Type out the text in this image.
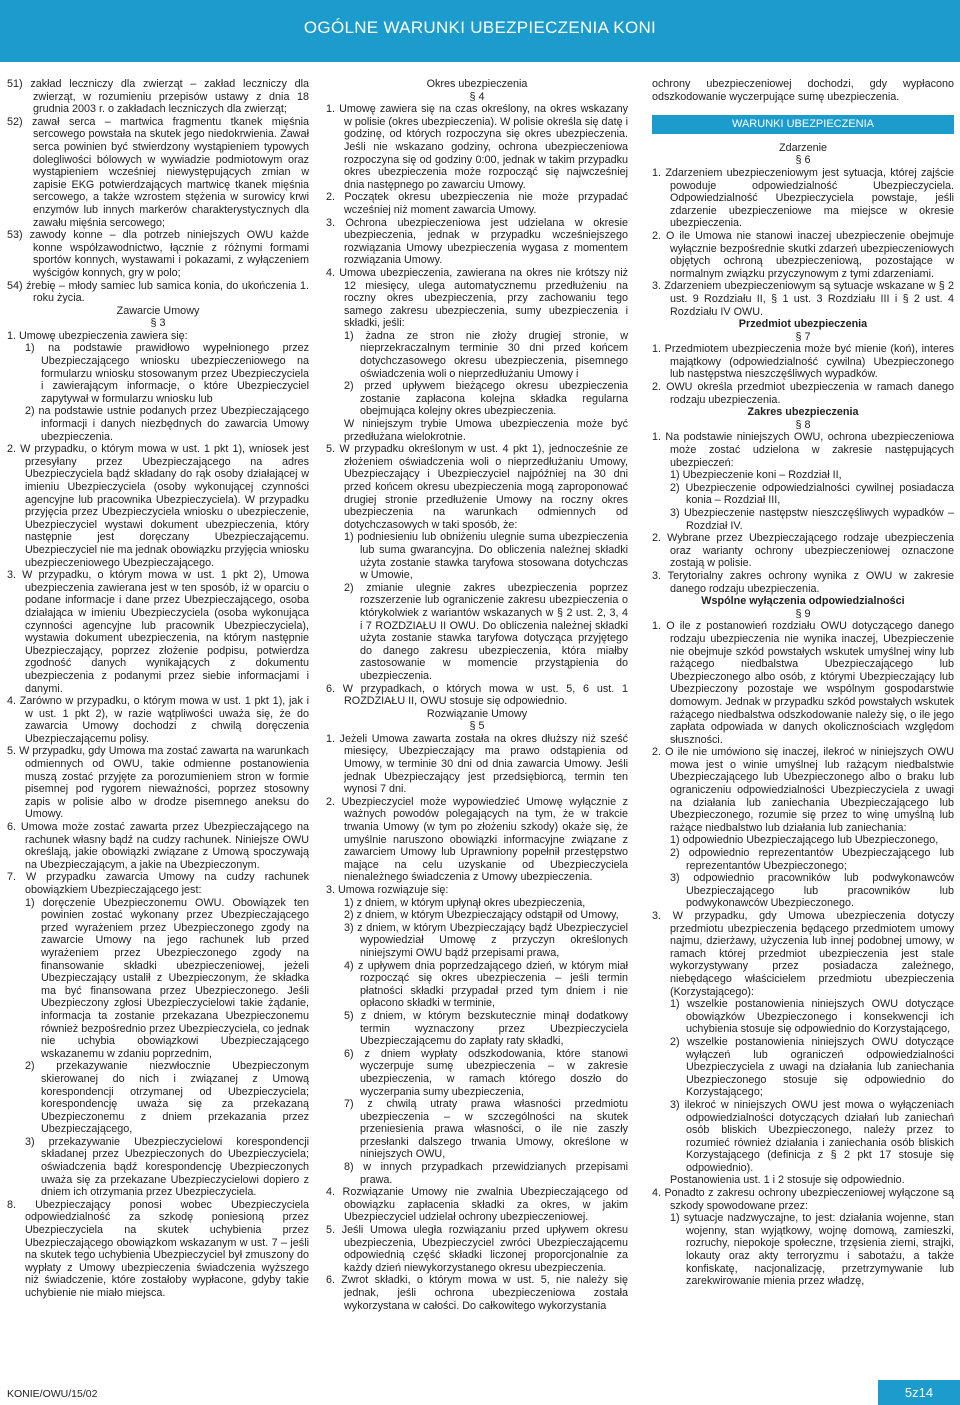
OGÓLNE WARUNKI UBEZPIECZENIA KONI

51) zakład leczniczy dla zwierząt – zakład leczniczy dla zwierząt, w rozumieniu przepisów ustawy z dnia 18 grudnia 2003 r. o zakładach leczniczych dla zwierząt;

52) zawał serca – martwica fragmentu tkanek mięśnia sercowego powstała na skutek jego niedokrwienia. Zawał serca powinien być stwierdzony wystąpieniem typowych dolegliwości bólowych w wywiadzie podmiotowym oraz wystąpieniem wcześniej niewystępujących zmian w zapisie EKG potwierdzających martwicę tkanek mięśnia sercowego, a także wzrostem stężenia w surowicy krwi enzymów lub innych markerów charakterystycznych dla zawału mięśnia sercowego;

53) zawody konne – dla potrzeb niniejszych OWU każde konne współzawodnictwo, łącznie z różnymi formami sportów konnych, wystawami i pokazami, z wyłączeniem wyścigów konnych, gry w polo;

54) źrebię – młody samiec lub samica konia, do ukończenia 1. roku życia.

Zawarcie Umowy

§ 3

1. Umowę ubezpieczenia zawiera się:

1) na podstawie prawidłowo wypełnionego przez Ubezpieczającego wniosku ubezpieczeniowego na formularzu wniosku stosowanym przez Ubezpieczyciela i zawierającym informacje, o które Ubezpieczyciel zapytywał w formularzu wniosku lub

2) na podstawie ustnie podanych przez Ubezpieczającego informacji i danych niezbędnych do zawarcia Umowy ubezpieczenia.

2. W przypadku, o którym mowa w ust. 1 pkt 1), wniosek jest przesyłany przez Ubezpieczającego na adres Ubezpieczyciela bądź składany do rąk osoby działającej w imieniu Ubezpieczyciela (osoby wykonującej czynności agencyjne lub pracownika Ubezpieczyciela). W przypadku przyjęcia przez Ubezpieczyciela wniosku o ubezpieczenie, Ubezpieczyciel wystawi dokument ubezpieczenia, który następnie jest doręczany Ubezpieczającemu. Ubezpieczyciel nie ma jednak obowiązku przyjęcia wniosku ubezpieczeniowego Ubezpieczającego.

3. W przypadku, o którym mowa w ust. 1 pkt 2), Umowa ubezpieczenia zawierana jest w ten sposób, iż w oparciu o podane informacje i dane przez Ubezpieczającego, osoba działająca w imieniu Ubezpieczyciela (osoba wykonująca czynności agencyjne lub pracownik Ubezpieczyciela), wystawia dokument ubezpieczenia, na którym następnie Ubezpieczający, poprzez złożenie podpisu, potwierdza zgodność danych wynikających z dokumentu ubezpieczenia z podanymi przez siebie informacjami i danymi.

4. Zarówno w przypadku, o którym mowa w ust. 1 pkt 1), jak i w ust. 1 pkt 2), w razie wątpliwości uważa się, że do zawarcia Umowy dochodzi z chwilą doręczenia Ubezpieczającemu polisy.

5. W przypadku, gdy Umowa ma zostać zawarta na warunkach odmiennych od OWU, takie odmienne postanowienia muszą zostać przyjęte za porozumieniem stron w formie pisemnej pod rygorem nieważności, poprzez stosowny zapis w polisie albo w drodze pisemnego aneksu do Umowy.

6. Umowa może zostać zawarta przez Ubezpieczającego na rachunek własny bądź na cudzy rachunek. Niniejsze OWU określają, jakie obowiązki związane z Umową spoczywają na Ubezpieczającym, a jakie na Ubezpieczonym.

7. W przypadku zawarcia Umowy na cudzy rachunek obowiązkiem Ubezpieczającego jest:

1) doręczenie Ubezpieczonemu OWU. Obowiązek ten powinien zostać wykonany przez Ubezpieczającego przed wyrażeniem przez Ubezpieczonego zgody na zawarcie Umowy na jego rachunek lub przed wyrażeniem przez Ubezpieczonego zgody na finansowanie składki ubezpieczeniowej, jeżeli Ubezpieczający ustalił z Ubezpieczonym, że składka ma być finansowana przez Ubezpieczonego. Jeśli Ubezpieczony zgłosi Ubezpieczycielowi takie żądanie, informacja ta zostanie przekazana Ubezpieczonemu również bezpośrednio przez Ubezpieczyciela, co jednak nie uchybia obowiązkowi Ubezpieczającego wskazanemu w zdaniu poprzednim,

2) przekazywanie niezwłocznie Ubezpieczonym skierowanej do nich i związanej z Umową korespondencji otrzymanej od Ubezpieczyciela; korespondencję uważa się za przekazaną Ubezpieczonemu z dniem przekazania przez Ubezpieczającego,

3) przekazywanie Ubezpieczycielowi korespondencji składanej przez Ubezpieczonych do Ubezpieczyciela; oświadczenia bądź korespondencję Ubezpieczonych uważa się za przekazane Ubezpieczycielowi dopiero z dniem ich otrzymania przez Ubezpieczyciela.

8. Ubezpieczający ponosi wobec Ubezpieczyciela odpowiedzialność za szkodę poniesioną przez Ubezpieczyciela na skutek uchybienia przez Ubezpieczającego obowiązkom wskazanym w ust. 7 – jeśli na skutek tego uchybienia Ubezpieczyciel był zmuszony do wypłaty z Umowy ubezpieczenia świadczenia wyższego niż świadczenie, które zostałoby wypłacone, gdyby takie uchybienie nie miało miejsca.

Okres ubezpieczenia

§ 4

1. Umowę zawiera się na czas określony, na okres wskazany w polisie (okres ubezpieczenia). W polisie określa się datę i godzinę, od których rozpoczyna się okres ubezpieczenia. Jeśli nie wskazano godziny, ochrona ubezpieczeniowa rozpoczyna się od godziny 0:00, jednak w takim przypadku okres ubezpieczenia może rozpocząć się najwcześniej dnia następnego po zawarciu Umowy.

2. Początek okresu ubezpieczenia nie może przypadać wcześniej niż moment zawarcia Umowy.

3. Ochrona ubezpieczeniowa jest udzielana w okresie ubezpieczenia, jednak w przypadku wcześniejszego rozwiązania Umowy ubezpieczenia wygasa z momentem rozwiązania Umowy.

4. Umowa ubezpieczenia, zawierana na okres nie krótszy niż 12 miesięcy, ulega automatycznemu przedłużeniu na roczny okres ubezpieczenia, przy zachowaniu tego samego zakresu ubezpieczenia, sumy ubezpieczenia i składki, jeśli:

1) żadna ze stron nie złoży drugiej stronie, w nieprzekraczalnym terminie 30 dni przed końcem dotychczasowego okresu ubezpieczenia, pisemnego oświadczenia woli o nieprzedłużaniu Umowy i

2) przed upływem bieżącego okresu ubezpieczenia zostanie zapłacona kolejna składka regularna obejmująca kolejny okres ubezpieczenia.

W niniejszym trybie Umowa ubezpieczenia może być przedłużana wielokrotnie.

5. W przypadku określonym w ust. 4 pkt 1), jednocześnie ze złożeniem oświadczenia woli o nieprzedłużaniu Umowy, Ubezpieczający i Ubezpieczyciel najpóźniej na 30 dni przed końcem okresu ubezpieczenia mogą zaproponować drugiej stronie przedłużenie Umowy na roczny okres ubezpieczenia na warunkach odmiennych od dotychczasowych w taki sposób, że:

1) podniesieniu lub obniżeniu ulegnie suma ubezpieczenia lub suma gwarancyjna. Do obliczenia należnej składki użyta zostanie stawka taryfowa stosowana dotychczas w Umowie,

2) zmianie ulegnie zakres ubezpieczenia poprzez rozszerzenie lub ograniczenie zakresu ubezpieczenia o którykolwiek z wariantów wskazanych w § 2 ust. 2, 3, 4 i 7 ROZDZIAŁU II OWU. Do obliczenia należnej składki użyta zostanie stawka taryfowa dotycząca przyjętego do danego zakresu ubezpieczenia, która miałby zastosowanie w momencie przystąpienia do ubezpieczenia.

6. W przypadkach, o których mowa w ust. 5, 6 ust. 1 ROZDZIAŁU II, OWU stosuje się odpowiednio.

Rozwiązanie Umowy

§ 5

1. Jeżeli Umowa zawarta została na okres dłuższy niż sześć miesięcy, Ubezpieczający ma prawo odstąpienia od Umowy, w terminie 30 dni od dnia zawarcia Umowy. Jeśli jednak Ubezpieczający jest przedsiębiorcą, termin ten wynosi 7 dni.

2. Ubezpieczyciel może wypowiedzieć Umowę wyłącznie z ważnych powodów polegających na tym, że w trakcie trwania Umowy (w tym po złożeniu szkody) okaże się, że umyślnie naruszono obowiązki informacyjne związane z zawarciem Umowy lub Uprawniony popełnił przestępstwo mające na celu uzyskanie od Ubezpieczyciela nienależnego świadczenia z Umowy ubezpieczenia.

3. Umowa rozwiązuje się:

1) z dniem, w którym upłynął okres ubezpieczenia,

2) z dniem, w którym Ubezpieczający odstąpił od Umowy,

3) z dniem, w którym Ubezpieczający bądź Ubezpieczyciel wypowiedział Umowę z przyczyn określonych niniejszymi OWU bądź przepisami prawa,

4) z upływem dnia poprzedzającego dzień, w którym miał rozpocząć się okres ubezpieczenia – jeśli termin płatności składki przypadał przed tym dniem i nie opłacono składki w terminie,

5) z dniem, w którym bezskutecznie minął dodatkowy termin wyznaczony przez Ubezpieczyciela Ubezpieczającemu do zapłaty raty składki,

6) z dniem wypłaty odszkodowania, które stanowi wyczerpuje sumę ubezpieczenia – w zakresie ubezpieczenia, w ramach którego doszło do wyczerpania sumy ubezpieczenia,

7) z chwilą utraty prawa własności przedmiotu ubezpieczenia – w szczególności na skutek przeniesienia prawa własności, o ile nie zaszły przesłanki dalszego trwania Umowy, określone w niniejszych OWU,

8) w innych przypadkach przewidzianych przepisami prawa.

4. Rozwiązanie Umowy nie zwalnia Ubezpieczającego od obowiązku zapłacenia składki za okres, w jakim Ubezpieczyciel udzielał ochrony ubezpieczeniowej.

5. Jeśli Umowa uległa rozwiązaniu przed upływem okresu ubezpieczenia, Ubezpieczyciel zwróci Ubezpieczającemu odpowiednią część składki liczonej proporcjonalnie za każdy dzień niewykorzystanego okresu ubezpieczenia.

6. Zwrot składki, o którym mowa w ust. 5, nie należy się jednak, jeśli ochrona ubezpieczeniowa została wykorzystana w całości. Do całkowitego wykorzystania

ochrony ubezpieczeniowej dochodzi, gdy wypłacono odszkodowanie wyczerpujące sumę ubezpieczenia.

WARUNKI UBEZPIECZENIA

Zdarzenie

§ 6

1. Zdarzeniem ubezpieczeniowym jest sytuacja, której zajście powoduje odpowiedzialność Ubezpieczyciela. Odpowiedzialność Ubezpieczyciela powstaje, jeśli zdarzenie ubezpieczeniowe ma miejsce w okresie ubezpieczenia.

2. O ile Umowa nie stanowi inaczej ubezpieczenie obejmuje wyłącznie bezpośrednie skutki zdarzeń ubezpieczeniowych objętych ochroną ubezpieczeniową, pozostające w normalnym związku przyczynowym z tymi zdarzeniami.

3. Zdarzeniem ubezpieczeniowym są sytuacje wskazane w § 2 ust. 9 Rozdziału II, § 1 ust. 3 Rozdziału III i § 2 ust. 4 Rozdziału IV OWU.

Przedmiot ubezpieczenia

§ 7

1. Przedmiotem ubezpieczenia może być mienie (koń), interes majątkowy (odpowiedzialność cywilna) Ubezpieczonego lub następstwa nieszczęśliwych wypadków.

2. OWU określa przedmiot ubezpieczenia w ramach danego rodzaju ubezpieczenia.

Zakres ubezpieczenia

§ 8

1. Na podstawie niniejszych OWU, ochrona ubezpieczeniowa może zostać udzielona w zakresie następujących ubezpieczeń:

1) Ubezpieczenie koni – Rozdział II,

2) Ubezpieczenie odpowiedzialności cywilnej posiadacza konia – Rozdział III,

3) Ubezpieczenie następstw nieszczęśliwych wypadków – Rozdział IV.

2. Wybrane przez Ubezpieczającego rodzaje ubezpieczenia oraz warianty ochrony ubezpieczeniowej oznaczone zostają w polisie.

3. Terytorialny zakres ochrony wynika z OWU w zakresie danego rodzaju ubezpieczenia.

Wspólne wyłączenia odpowiedzialności

§ 9

1. O ile z postanowień rozdziału OWU dotyczącego danego rodzaju ubezpieczenia nie wynika inaczej, Ubezpieczenie nie obejmuje szkód powstałych wskutek umyślnej winy lub rażącego niedbalstwa Ubezpieczającego lub Ubezpieczonego albo osób, z którymi Ubezpieczający lub Ubezpieczony pozostaje we wspólnym gospodarstwie domowym. Jednak w przypadku szkód powstałych wskutek rażącego niedbalstwa odszkodowanie należy się, o ile jego zapłata odpowiada w danych okolicznościach względom słuszności.

2. O ile nie umówiono się inaczej, ilekroć w niniejszych OWU mowa jest o winie umyślnej lub rażącym niedbalstwie Ubezpieczającego lub Ubezpieczonego albo o braku lub ograniczeniu odpowiedzialności Ubezpieczyciela z uwagi na działania lub zaniechania Ubezpieczającego lub Ubezpieczonego, rozumie się przez to winę umyślną lub rażące niedbalstwo lub działania lub zaniechania:

1) odpowiednio Ubezpieczającego lub Ubezpieczonego,

2) odpowiednio reprezentantów Ubezpieczającego lub reprezentantów Ubezpieczonego;

3) odpowiednio pracowników lub podwykonawców Ubezpieczającego lub pracowników lub podwykonawców Ubezpieczonego.

3. W przypadku, gdy Umowa ubezpieczenia dotyczy przedmiotu ubezpieczenia będącego przedmiotem umowy najmu, dzierżawy, użyczenia lub innej podobnej umowy, w ramach której przedmiot ubezpieczenia jest stale wykorzystywany przez posiadacza zależnego, niebędącego właścicielem przedmiotu ubezpieczenia (Korzystającego):

1) wszelkie postanowienia niniejszych OWU dotyczące obowiązków Ubezpieczonego i konsekwencji ich uchybienia stosuje się odpowiednio do Korzystającego,

2) wszelkie postanowienia niniejszych OWU dotyczące wyłączeń lub ograniczeń odpowiedzialności Ubezpieczyciela z uwagi na działania lub zaniechania Ubezpieczonego stosuje się odpowiednio do Korzystającego;

3) ilekroć w niniejszych OWU jest mowa o wyłączeniach odpowiedzialności dotyczących działań lub zaniechań osób bliskich Ubezpieczonego, należy przez to rozumieć również działania i zaniechania osób bliskich Korzystającego (definicja z § 2 pkt 17 stosuje się odpowiednio).

Postanowienia ust. 1 i 2 stosuje się odpowiednio.

4. Ponadto z zakresu ochrony ubezpieczeniowej wyłączone są szkody spowodowane przez:

1) sytuacje nadzwyczajne, to jest: działania wojenne, stan wojenny, stan wyjątkowy, wojnę domową, zamieszki, rozruchy, niepokoje społeczne, trzęsienia ziemi, strajki, lokauty oraz akty terroryzmu i sabotażu, a także konfiskatę, nacjonalizację, przetrzymywanie lub zarekwirowanie mienia przez władzę,

KONIE/OWU/15/02	5z14
